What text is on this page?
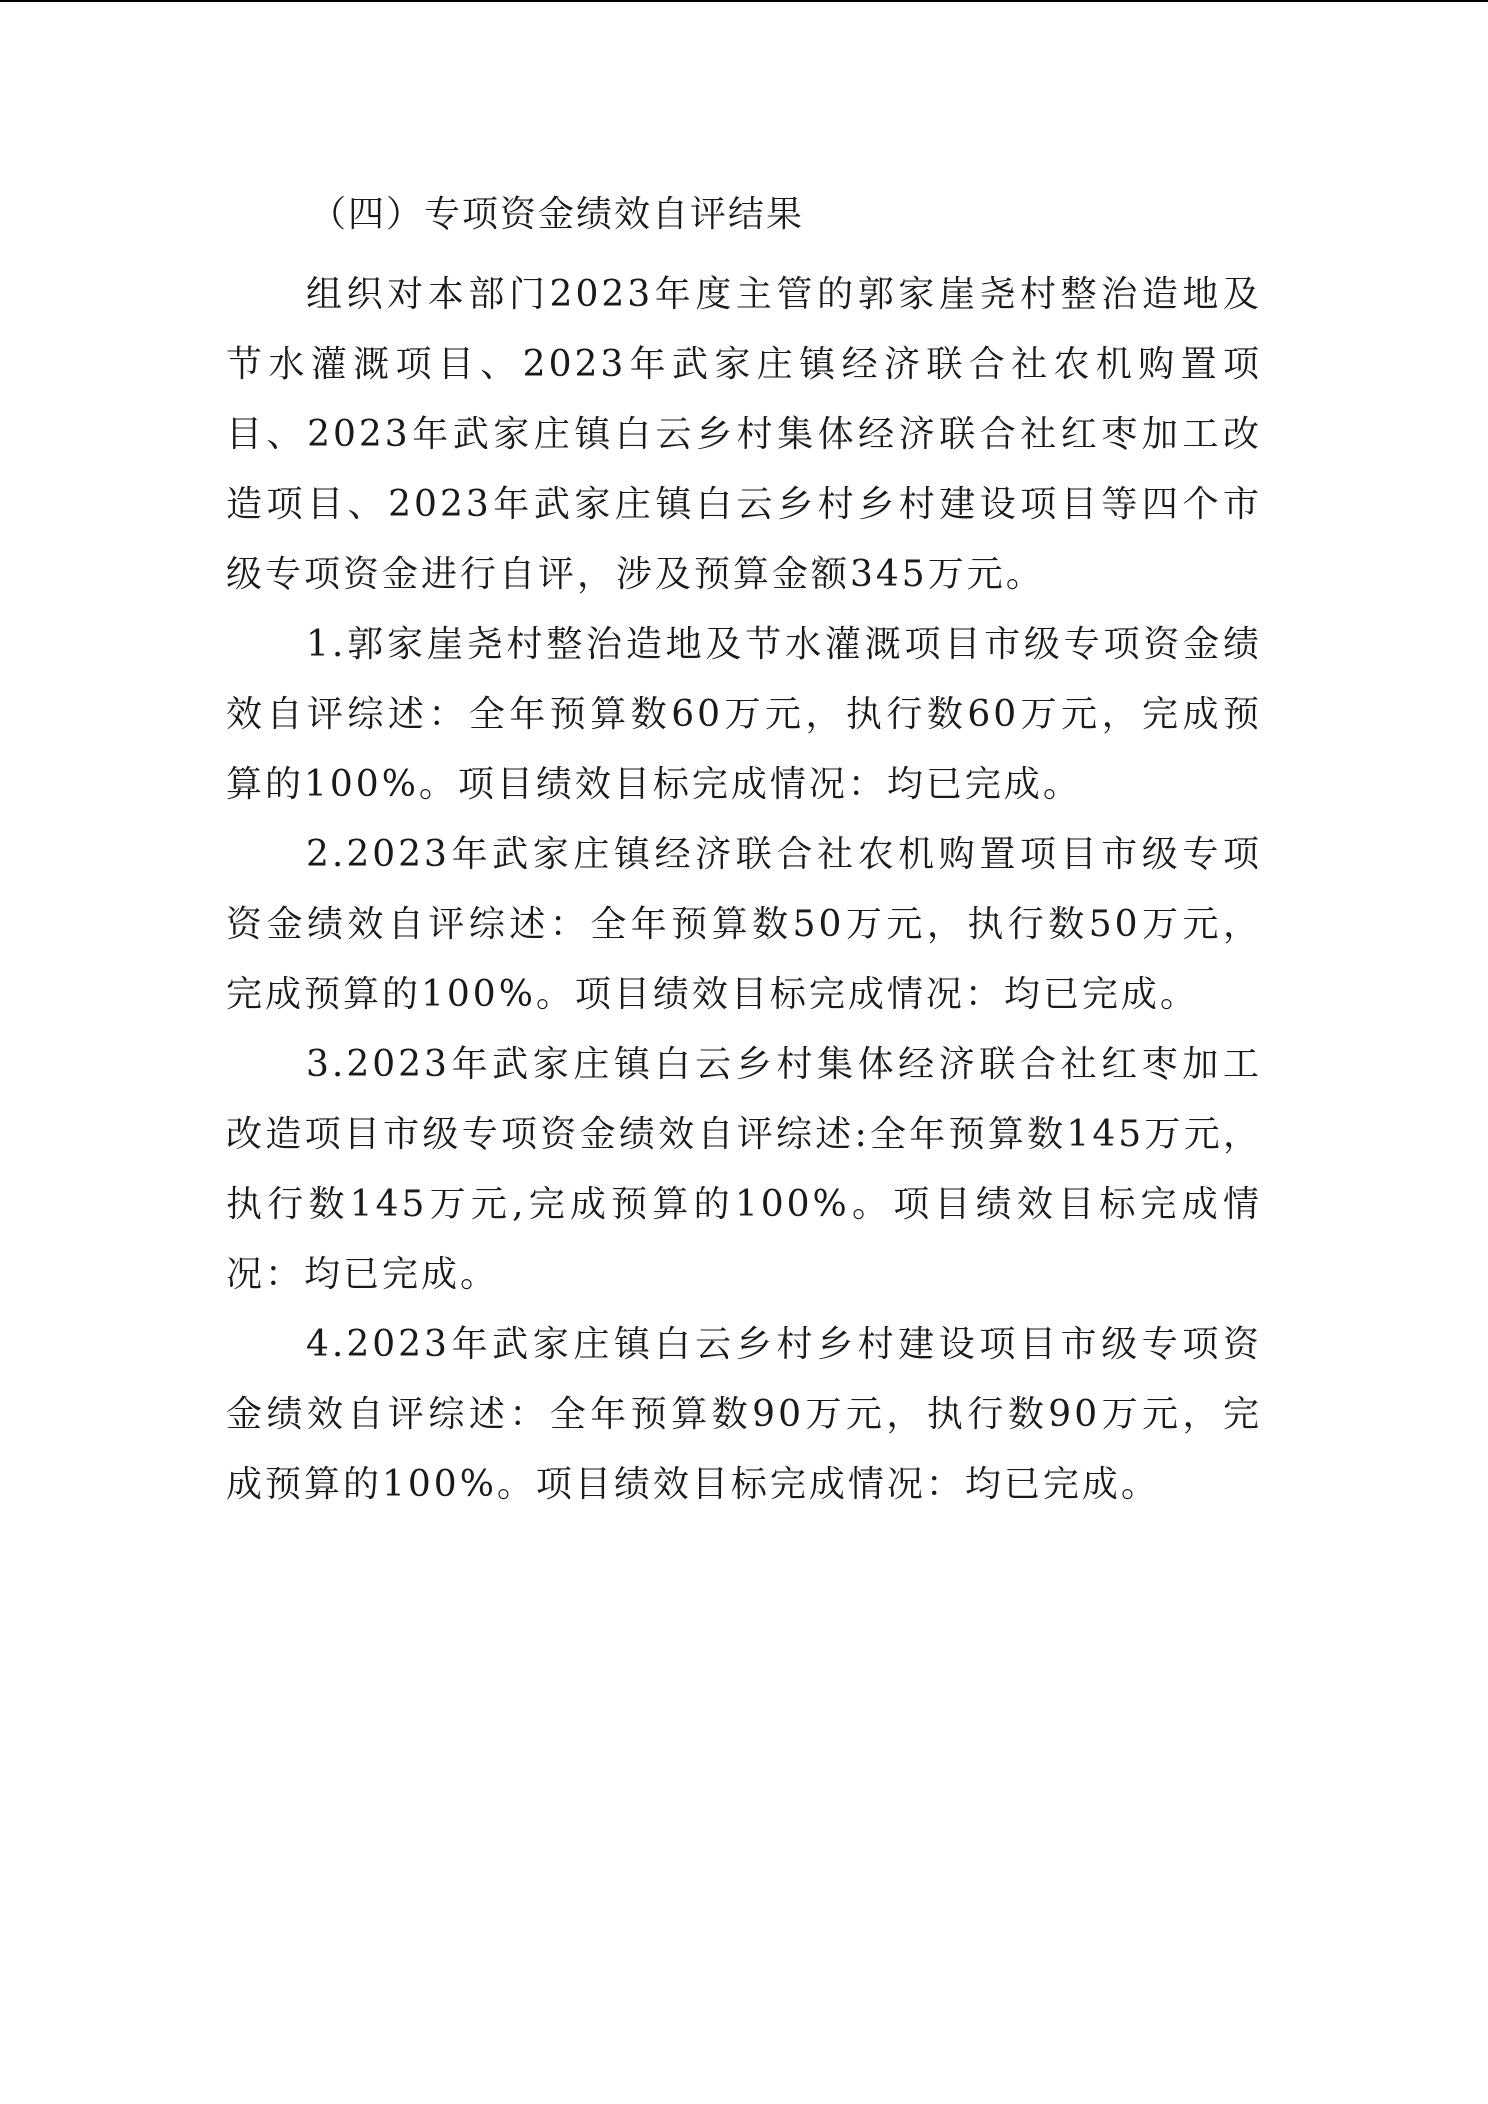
（四）专项资金绩效自评结果

组织对本部门2023年度主管的郭家崖尧村整治造地及节水灌溉项目、2023年武家庄镇经济联合社农机购置项目、2023年武家庄镇白云乡村集体经济联合社红枣加工改造项目、2023年武家庄镇白云乡村乡村建设项目等四个市级专项资金进行自评，涉及预算金额345万元。

1.郭家崖尧村整治造地及节水灌溉项目市级专项资金绩效自评综述：全年预算数60万元，执行数60万元，完成预算的100%。项目绩效目标完成情况：均已完成。

2.2023年武家庄镇经济联合社农机购置项目市级专项资金绩效自评综述：全年预算数50万元，执行数50万元，完成预算的100%。项目绩效目标完成情况：均已完成。

3.2023年武家庄镇白云乡村集体经济联合社红枣加工改造项目市级专项资金绩效自评综述:全年预算数145万元，执行数145万元,完成预算的100%。项目绩效目标完成情况：均已完成。

4.2023年武家庄镇白云乡村乡村建设项目市级专项资金绩效自评综述：全年预算数90万元，执行数90万元，完成预算的100%。项目绩效目标完成情况：均已完成。
